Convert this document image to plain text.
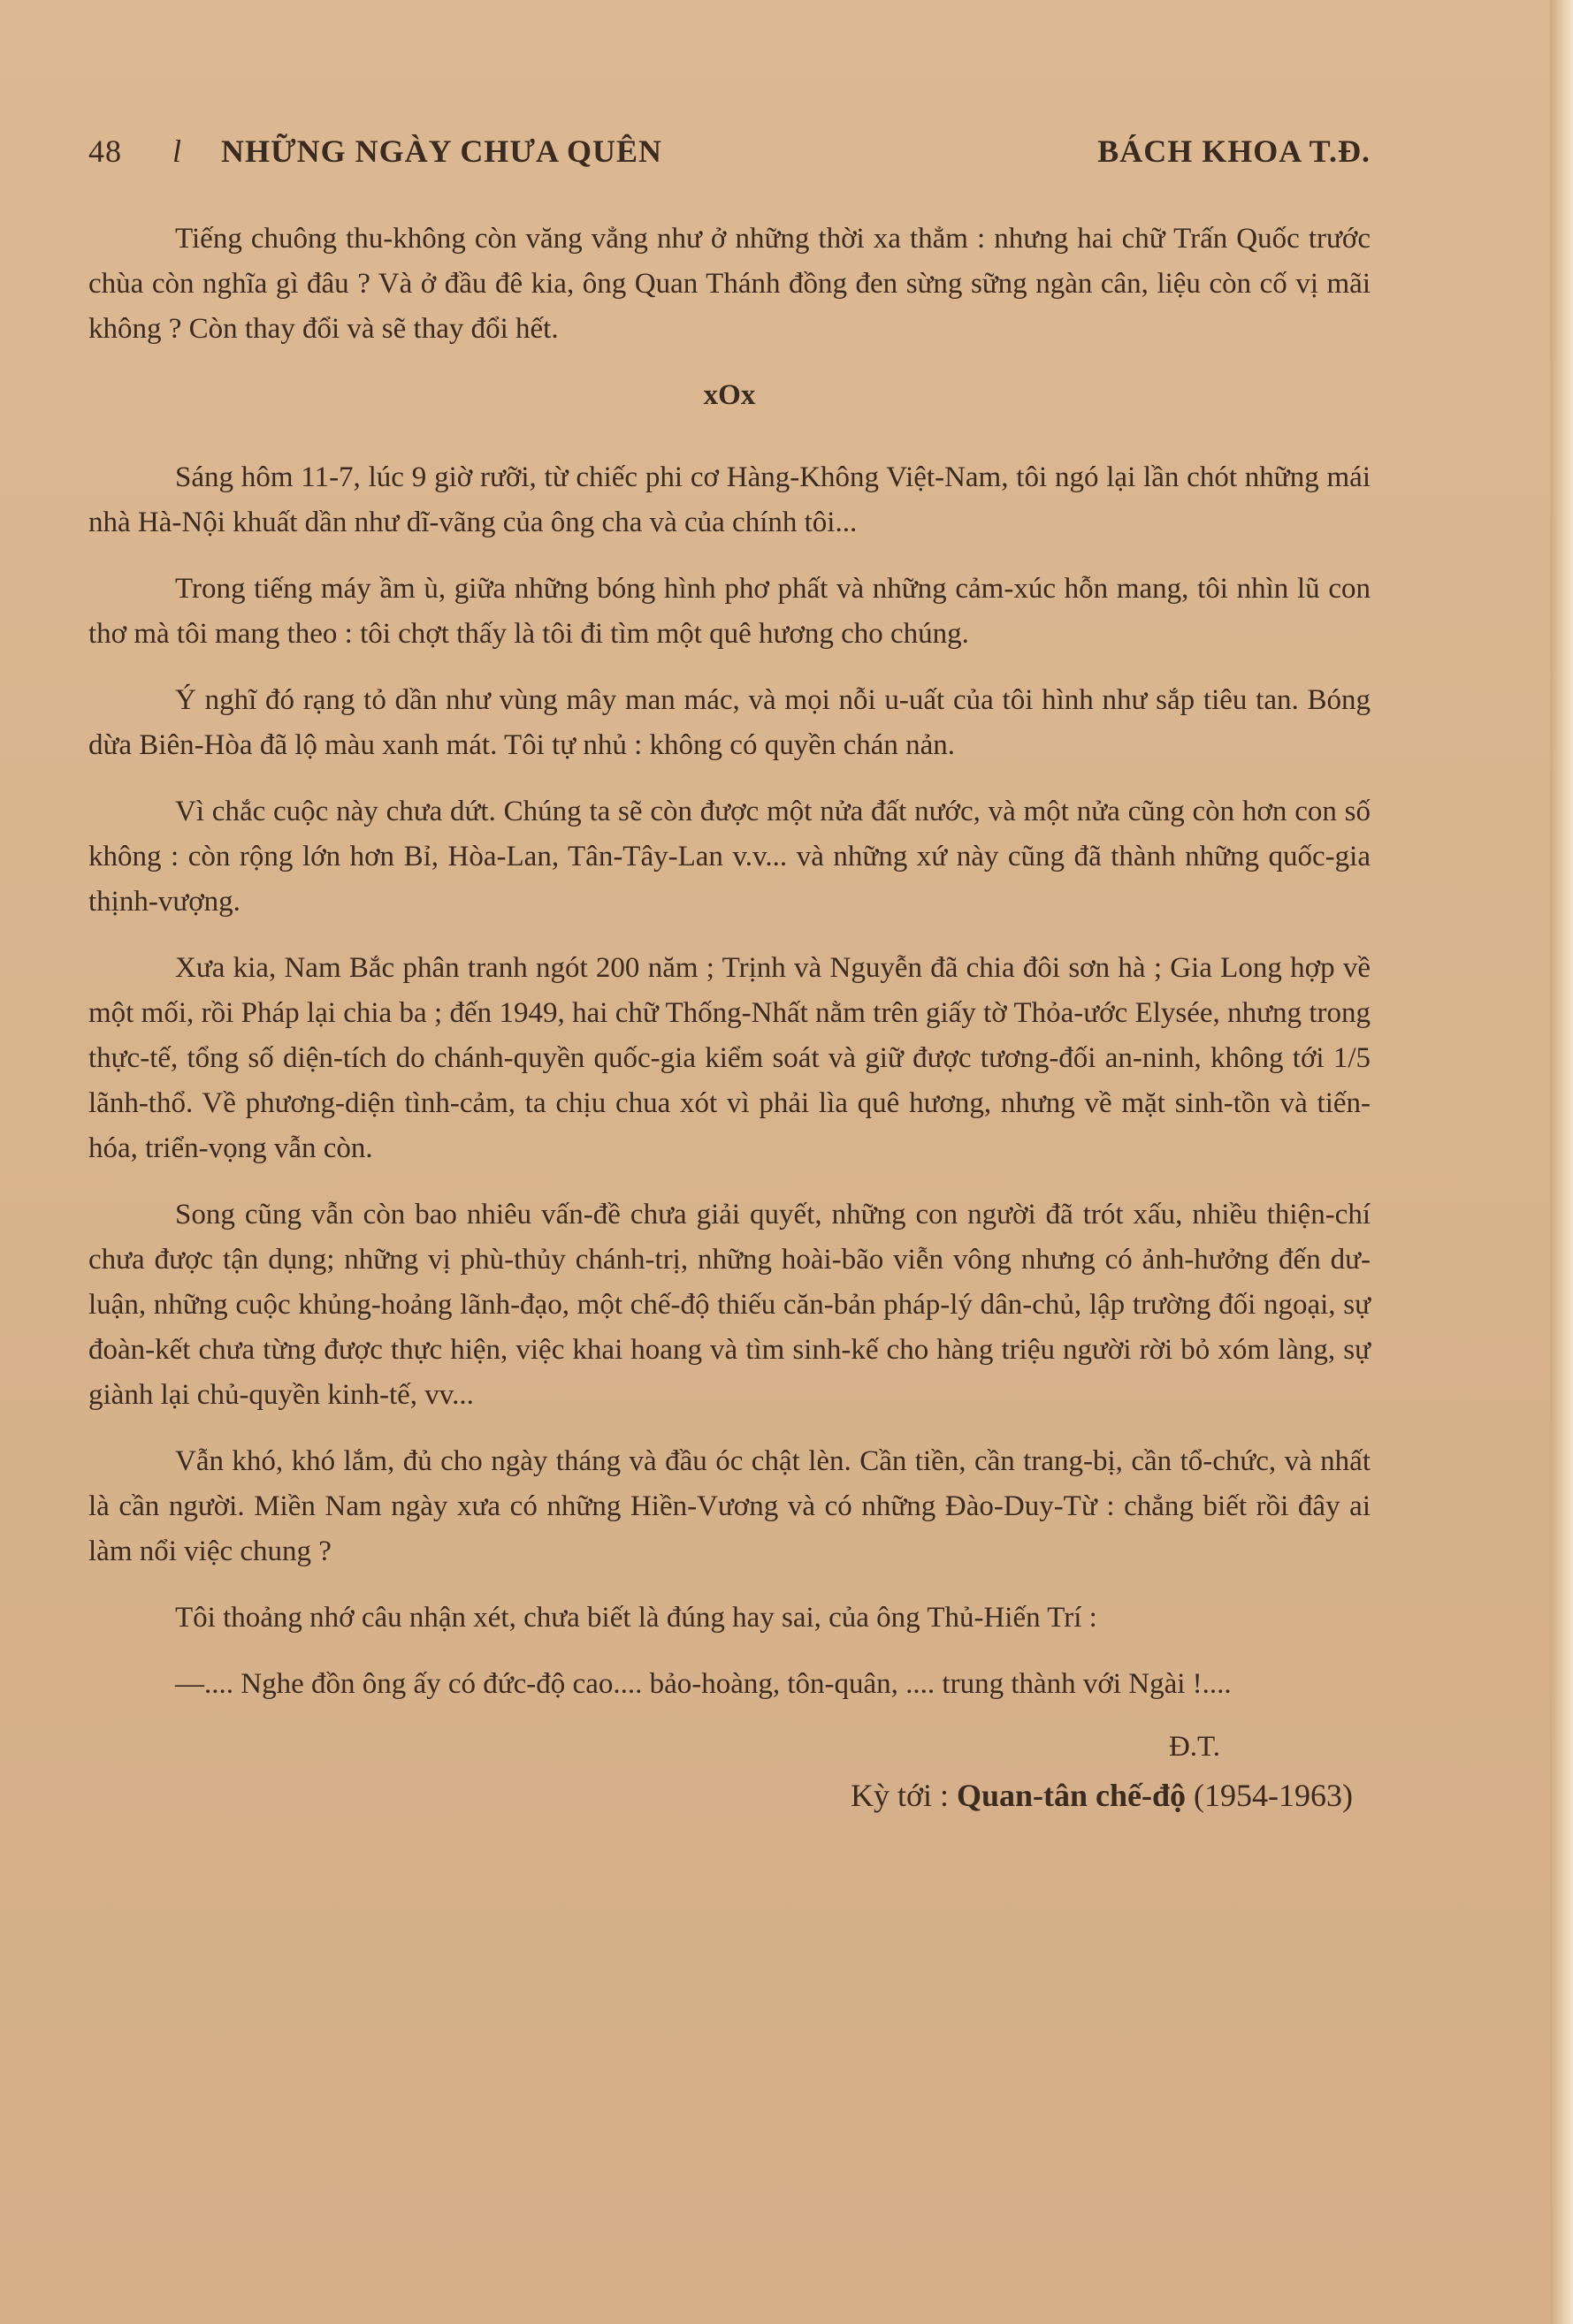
48 l NHỮNG NGÀY CHƯA QUÊN	BÁCH KHOA T.Đ.

Tiếng chuông thu-không còn văng vẳng như ở những thời xa thẳm : nhưng hai chữ Trấn Quốc trước chùa còn nghĩa gì đâu ? Và ở đầu đê kia, ông Quan Thánh đồng đen sừng sững ngàn cân, liệu còn cố vị mãi không ? Còn thay đổi và sẽ thay đổi hết.

xOx

Sáng hôm 11-7, lúc 9 giờ rưỡi, từ chiếc phi cơ Hàng-Không Việt-Nam, tôi ngó lại lần chót những mái nhà Hà-Nội khuất dần như dĩ-vãng của ông cha và của chính tôi...

Trong tiếng máy ầm ù, giữa những bóng hình phơ phất và những cảm-xúc hỗn mang, tôi nhìn lũ con thơ mà tôi mang theo : tôi chợt thấy là tôi đi tìm một quê hương cho chúng.

Ý nghĩ đó rạng tỏ dần như vùng mây man mác, và mọi nỗi u-uất của tôi hình như sắp tiêu tan. Bóng dừa Biên-Hòa đã lộ màu xanh mát. Tôi tự nhủ : không có quyền chán nản.

Vì chắc cuộc này chưa dứt. Chúng ta sẽ còn được một nửa đất nước, và một nửa cũng còn hơn con số không : còn rộng lớn hơn Bỉ, Hòa-Lan, Tân-Tây-Lan v.v... và những xứ này cũng đã thành những quốc-gia thịnh-vượng.

Xưa kia, Nam Bắc phân tranh ngót 200 năm ; Trịnh và Nguyễn đã chia đôi sơn hà ; Gia Long hợp về một mối, rồi Pháp lại chia ba ; đến 1949, hai chữ Thống-Nhất nằm trên giấy tờ Thỏa-ước Elysée, nhưng trong thực-tế, tổng số diện-tích do chánh-quyền quốc-gia kiểm soát và giữ được tương-đối an-ninh, không tới 1/5 lãnh-thổ. Về phương-diện tình-cảm, ta chịu chua xót vì phải lìa quê hương, nhưng về mặt sinh-tồn và tiến-hóa, triển-vọng vẫn còn.

Song cũng vẫn còn bao nhiêu vấn-đề chưa giải quyết, những con người đã trót xấu, nhiều thiện-chí chưa được tận dụng; những vị phù-thủy chánh-trị, những hoài-bão viễn vông nhưng có ảnh-hưởng đến dư-luận, những cuộc khủng-hoảng lãnh-đạo, một chế-độ thiếu căn-bản pháp-lý dân-chủ, lập trường đối ngoại, sự đoàn-kết chưa từng được thực hiện, việc khai hoang và tìm sinh-kế cho hàng triệu người rời bỏ xóm làng, sự giành lại chủ-quyền kinh-tế, vv...

Vẫn khó, khó lắm, đủ cho ngày tháng và đầu óc chật lèn. Cần tiền, cần trang-bị, cần tổ-chức, và nhất là cần người. Miền Nam ngày xưa có những Hiền-Vương và có những Đào-Duy-Từ : chẳng biết rồi đây ai làm nổi việc chung ?

Tôi thoảng nhớ câu nhận xét, chưa biết là đúng hay sai, của ông Thủ-Hiến Trí :

—.... Nghe đồn ông ấy có đức-độ cao.... bảo-hoàng, tôn-quân, .... trung thành với Ngài !....

Đ.T.

Kỳ tới : Quan-tân chế-độ (1954-1963)
